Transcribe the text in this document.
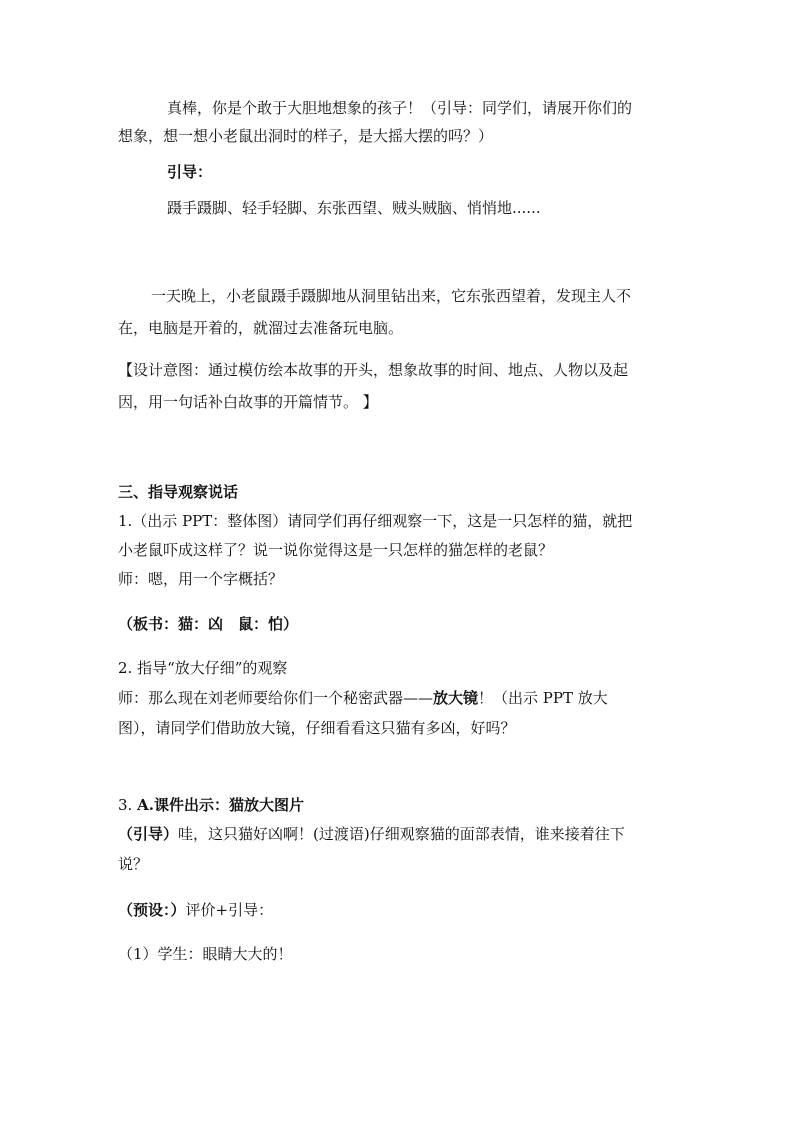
真棒，你是个敢于大胆地想象的孩子！（引导：同学们，请展开你们的
想象，想一想小老鼠出洞时的样子，是大摇大摆的吗？）
引导：
蹑手蹑脚、轻手轻脚、东张西望、贼头贼脑、悄悄地......
一天晚上，小老鼠蹑手蹑脚地从洞里钻出来，它东张西望着，发现主人不
在，电脑是开着的，就溜过去准备玩电脑。
【设计意图：通过模仿绘本故事的开头，想象故事的时间、地点、人物以及起
因，用一句话补白故事的开篇情节。 】
三、指导观察说话
1.（出示 PPT：整体图）请同学们再仔细观察一下，这是一只怎样的猫，就把
小老鼠吓成这样了？说一说你觉得这是一只怎样的猫怎样的老鼠？
师：嗯，用一个字概括？
（板书：猫：凶　鼠：怕）
2. 指导“放大仔细”的观察
师：那么现在刘老师要给你们一个秘密武器——放大镜！（出示 PPT 放大
图），请同学们借助放大镜，仔细看看这只猫有多凶，好吗？
3. A.课件出示：猫放大图片
（引导）哇，这只猫好凶啊！(过渡语)仔细观察猫的面部表情，谁来接着往下
说？
（预设：）评价+引导：
（1）学生：眼睛大大的！
